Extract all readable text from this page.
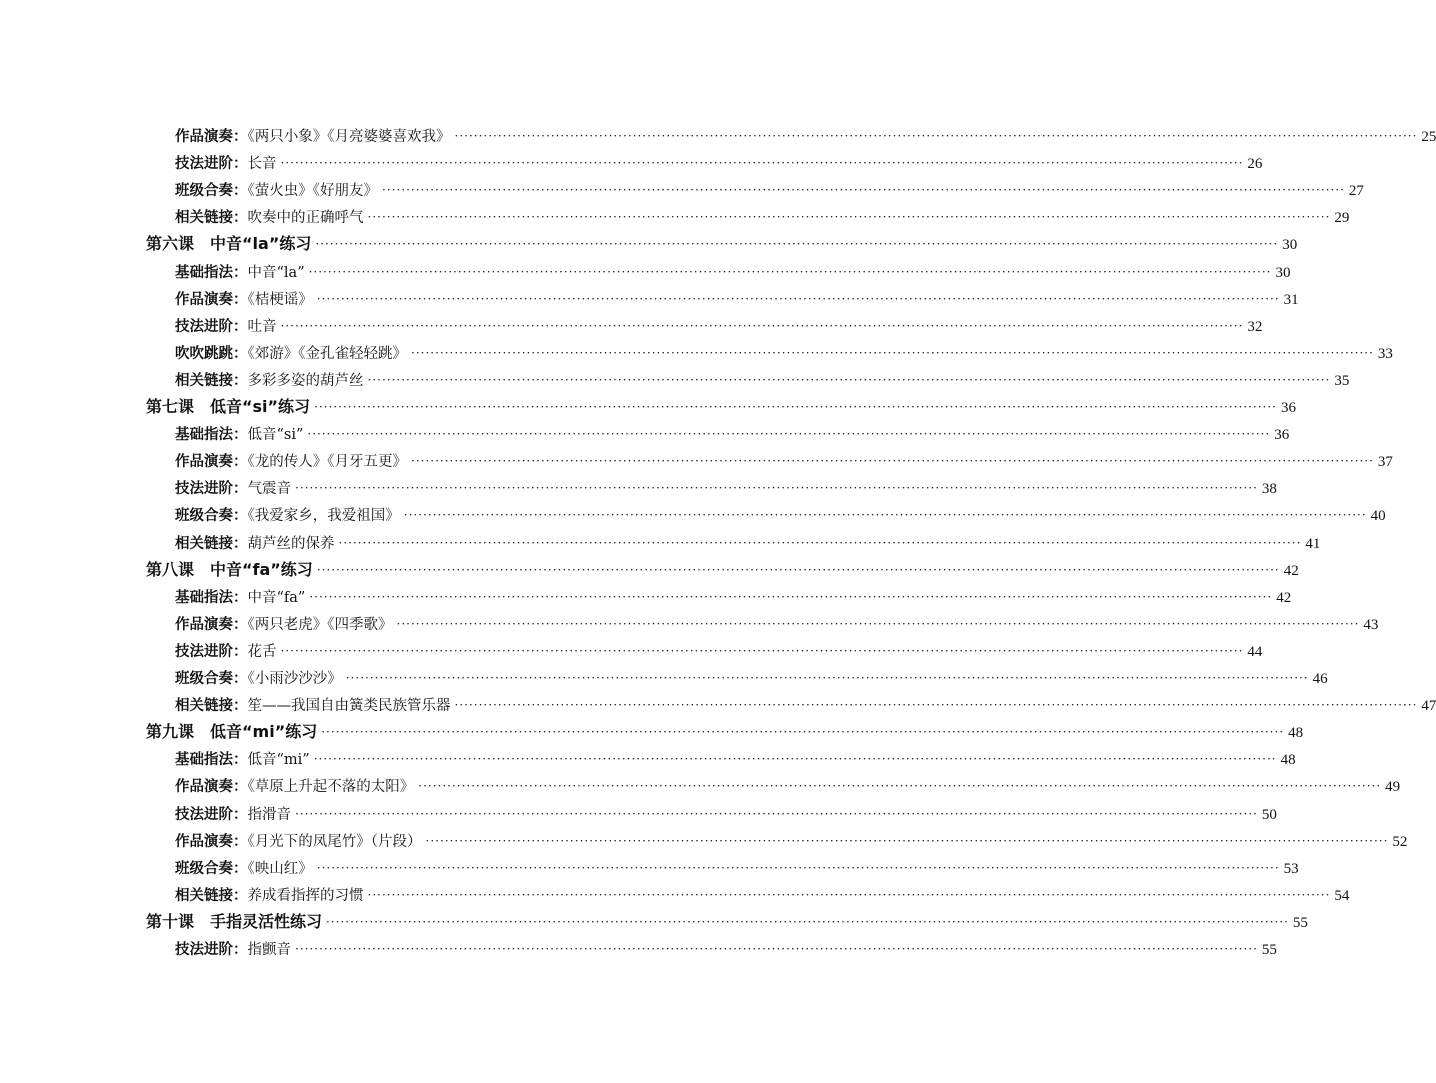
作品演奏：《两只小象》《月亮婆婆喜欢我》 ········································································································································································································ 25
技法进阶：长音 ········································································································································································································ 26
班级合奏：《萤火虫》《好朋友》 ········································································································································································································ 27
相关链接：吹奏中的正确呼气 ········································································································································································································ 29
第六课 中音“la”练习 ········································································································································································································ 30
基础指法：中音“la” ········································································································································································································ 30
作品演奏：《桔梗谣》 ········································································································································································································ 31
技法进阶：吐音 ········································································································································································································ 32
吹吹跳跳：《郊游》《金孔雀轻轻跳》 ········································································································································································································ 33
相关链接：多彩多姿的葫芦丝 ········································································································································································································ 35
第七课 低音“si”练习 ········································································································································································································ 36
基础指法：低音“si” ········································································································································································································ 36
作品演奏：《龙的传人》《月牙五更》 ········································································································································································································ 37
技法进阶：气震音 ········································································································································································································ 38
班级合奏：《我爱家乡，我爱祖国》 ········································································································································································································ 40
相关链接：葫芦丝的保养 ········································································································································································································ 41
第八课 中音“fa”练习 ········································································································································································································ 42
基础指法：中音“fa” ········································································································································································································ 42
作品演奏：《两只老虎》《四季歌》 ········································································································································································································ 43
技法进阶：花舌 ········································································································································································································ 44
班级合奏：《小雨沙沙沙》 ········································································································································································································ 46
相关链接：笙——我国自由簧类民族管乐器 ········································································································································································································ 47
第九课 低音“mi”练习 ········································································································································································································ 48
基础指法：低音“mi” ········································································································································································································ 48
作品演奏：《草原上升起不落的太阳》 ········································································································································································································ 49
技法进阶：指滑音 ········································································································································································································ 50
作品演奏：《月光下的凤尾竹》（片段） ········································································································································································································ 52
班级合奏：《映山红》 ········································································································································································································ 53
相关链接：养成看指挥的习惯 ········································································································································································································ 54
第十课 手指灵活性练习 ········································································································································································································ 55
技法进阶：指颤音 ········································································································································································································ 55
